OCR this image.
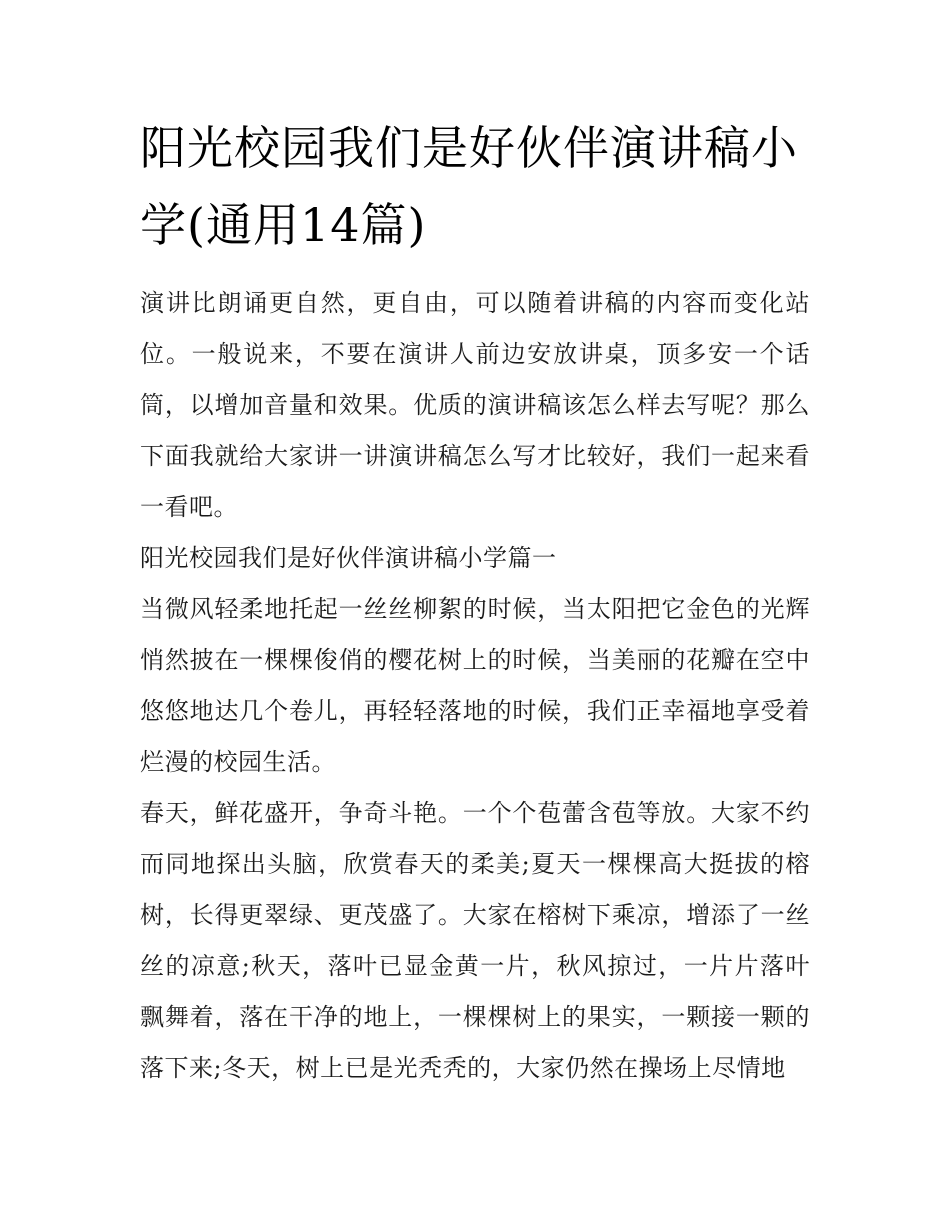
阳光校园我们是好伙伴演讲稿小学(通用14篇)

演讲比朗诵更自然，更自由，可以随着讲稿的内容而变化站位。一般说来，不要在演讲人前边安放讲桌，顶多安一个话筒，以增加音量和效果。优质的演讲稿该怎么样去写呢？那么下面我就给大家讲一讲演讲稿怎么写才比较好，我们一起来看一看吧。

阳光校园我们是好伙伴演讲稿小学篇一

当微风轻柔地托起一丝丝柳絮的时候，当太阳把它金色的光辉悄然披在一棵棵俊俏的樱花树上的时候，当美丽的花瓣在空中悠悠地达几个卷儿，再轻轻落地的时候，我们正幸福地享受着烂漫的校园生活。

春天，鲜花盛开，争奇斗艳。一个个苞蕾含苞等放。大家不约而同地探出头脑，欣赏春天的柔美;夏天一棵棵高大挺拔的榕树，长得更翠绿、更茂盛了。大家在榕树下乘凉，增添了一丝丝的凉意;秋天，落叶已显金黄一片，秋风掠过，一片片落叶飘舞着，落在干净的地上，一棵棵树上的果实，一颗接一颗的落下来;冬天，树上已是光秃秃的，大家仍然在操场上尽情地
